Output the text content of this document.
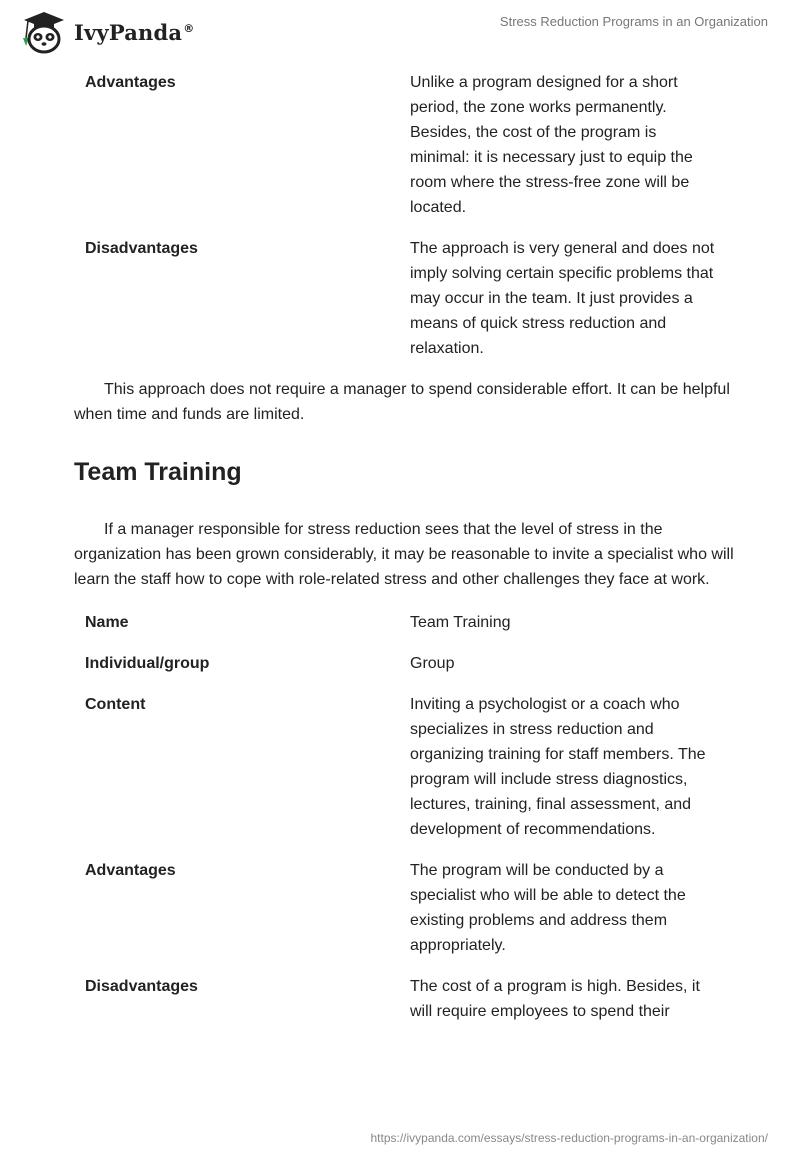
IvyPanda®	Stress Reduction Programs in an Organization
Advantages	Unlike a program designed for a short period, the zone works permanently. Besides, the cost of the program is minimal: it is necessary just to equip the room where the stress-free zone will be located.
Disadvantages	The approach is very general and does not imply solving certain specific problems that may occur in the team. It just provides a means of quick stress reduction and relaxation.

This approach does not require a manager to spend considerable effort. It can be helpful when time and funds are limited.

Team Training

If a manager responsible for stress reduction sees that the level of stress in the organization has been grown considerably, it may be reasonable to invite a specialist who will learn the staff how to cope with role-related stress and other challenges they face at work.

Name	Team Training
Individual/group	Group
Content	Inviting a psychologist or a coach who specializes in stress reduction and organizing training for staff members. The program will include stress diagnostics, lectures, training, final assessment, and development of recommendations.
Advantages	The program will be conducted by a specialist who will be able to detect the existing problems and address them appropriately.
Disadvantages	The cost of a program is high. Besides, it will require employees to spend their
https://ivypanda.com/essays/stress-reduction-programs-in-an-organization/
